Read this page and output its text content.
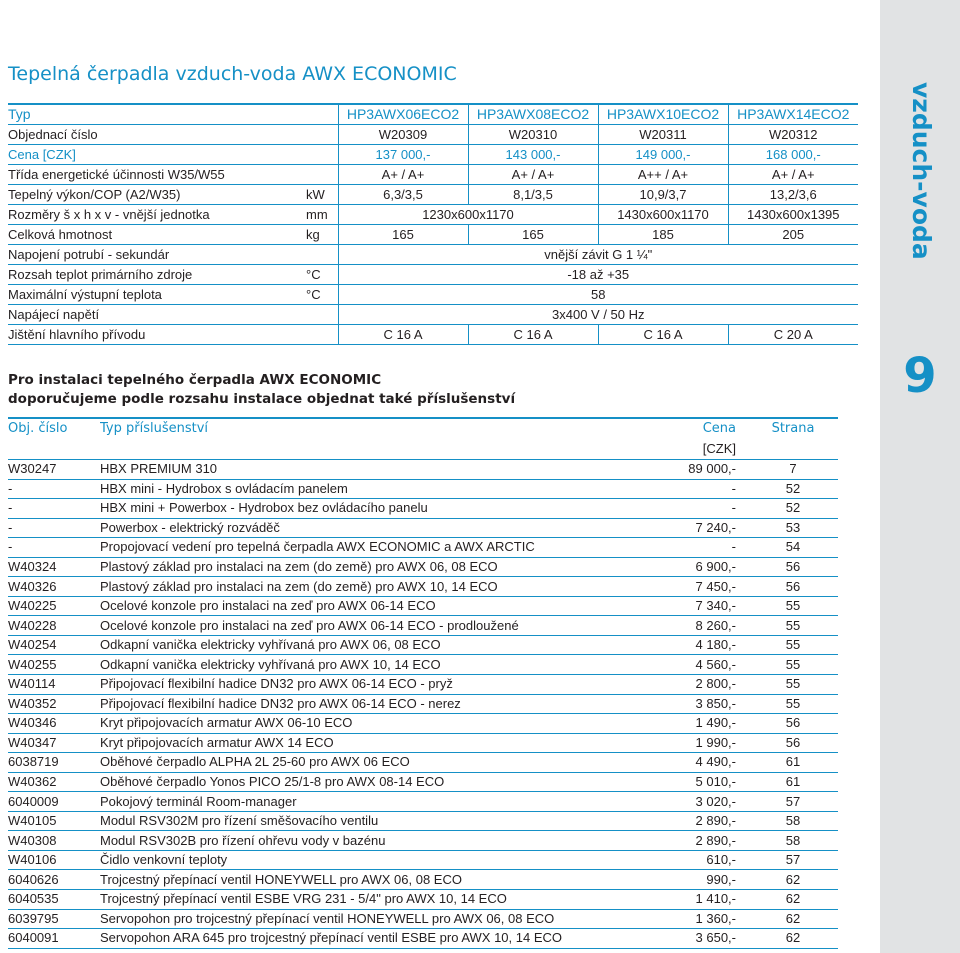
vzduch-voda
9
Tepelná čerpadla vzduch-voda AWX ECONOMIC
Typ		HP3AWX06ECO2	HP3AWX08ECO2	HP3AWX10ECO2	HP3AWX14ECO2
Objednací číslo		W20309	W20310	W20311	W20312
Cena [CZK]		137 000,-	143 000,-	149 000,-	168 000,-
Třída energetické účinnosti W35/W55		A+ / A+	A+ / A+	A++ / A+	A+ / A+
Tepelný výkon/COP (A2/W35)	kW	6,3/3,5	8,1/3,5	10,9/3,7	13,2/3,6
Rozměry š x h x v - vnější jednotka	mm	1230x600x1170		1430x600x1170	1430x600x1395
Celková hmotnost	kg	165	165	185	205
Napojení potrubí - sekundár		vnější závit G 1 ¼"			
Rozsah teplot primárního zdroje	°C	-18 až +35			
Maximální výstupní teplota	°C	58			
Napájecí napětí		3x400 V / 50 Hz			
Jištění hlavního přívodu		C 16 A	C 16 A	C 16 A	C 20 A
Pro instalaci tepelného čerpadla AWX ECONOMIC
doporučujeme podle rozsahu instalace objednat také příslušenství
Obj. číslo	Typ příslušenství	Cena	Strana
		[CZK]	
W30247	HBX PREMIUM 310	89 000,-	7
-	HBX mini - Hydrobox s ovládacím panelem	-	52
-	HBX mini + Powerbox - Hydrobox bez ovládacího panelu	-	52
-	Powerbox - elektrický rozváděč	7 240,-	53
-	Propojovací vedení pro tepelná čerpadla AWX ECONOMIC a AWX ARCTIC	-	54
W40324	Plastový základ pro instalaci na zem (do země) pro AWX 06, 08 ECO	6 900,-	56
W40326	Plastový základ pro instalaci na zem (do země) pro AWX 10, 14 ECO	7 450,-	56
W40225	Ocelové konzole pro instalaci na zeď pro AWX 06-14 ECO	7 340,-	55
W40228	Ocelové konzole pro instalaci na zeď pro AWX 06-14 ECO - prodloužené	8 260,-	55
W40254	Odkapní vanička elektricky vyhřívaná pro AWX 06, 08 ECO	4 180,-	55
W40255	Odkapní vanička elektricky vyhřívaná pro AWX 10, 14 ECO	4 560,-	55
W40114	Připojovací flexibilní hadice DN32 pro AWX 06-14 ECO - pryž	2 800,-	55
W40352	Připojovací flexibilní hadice DN32 pro AWX 06-14 ECO - nerez	3 850,-	55
W40346	Kryt připojovacích armatur AWX 06-10 ECO	1 490,-	56
W40347	Kryt připojovacích armatur AWX 14 ECO	1 990,-	56
6038719	Oběhové čerpadlo ALPHA 2L 25-60 pro AWX 06 ECO	4 490,-	61
W40362	Oběhové čerpadlo Yonos PICO 25/1-8 pro AWX 08-14 ECO	5 010,-	61
6040009	Pokojový terminál Room-manager	3 020,-	57
W40105	Modul RSV302M pro řízení směšovacího ventilu	2 890,-	58
W40308	Modul RSV302B pro řízení ohřevu vody v bazénu	2 890,-	58
W40106	Čidlo venkovní teploty	610,-	57
6040626	Trojcestný přepínací ventil HONEYWELL pro AWX 06, 08 ECO	990,-	62
6040535	Trojcestný přepínací ventil ESBE VRG 231 - 5/4" pro AWX 10, 14 ECO	1 410,-	62
6039795	Servopohon pro trojcestný přepínací ventil HONEYWELL pro AWX 06, 08 ECO	1 360,-	62
6040091	Servopohon ARA 645 pro trojcestný přepínací ventil ESBE pro AWX 10, 14 ECO	3 650,-	62
